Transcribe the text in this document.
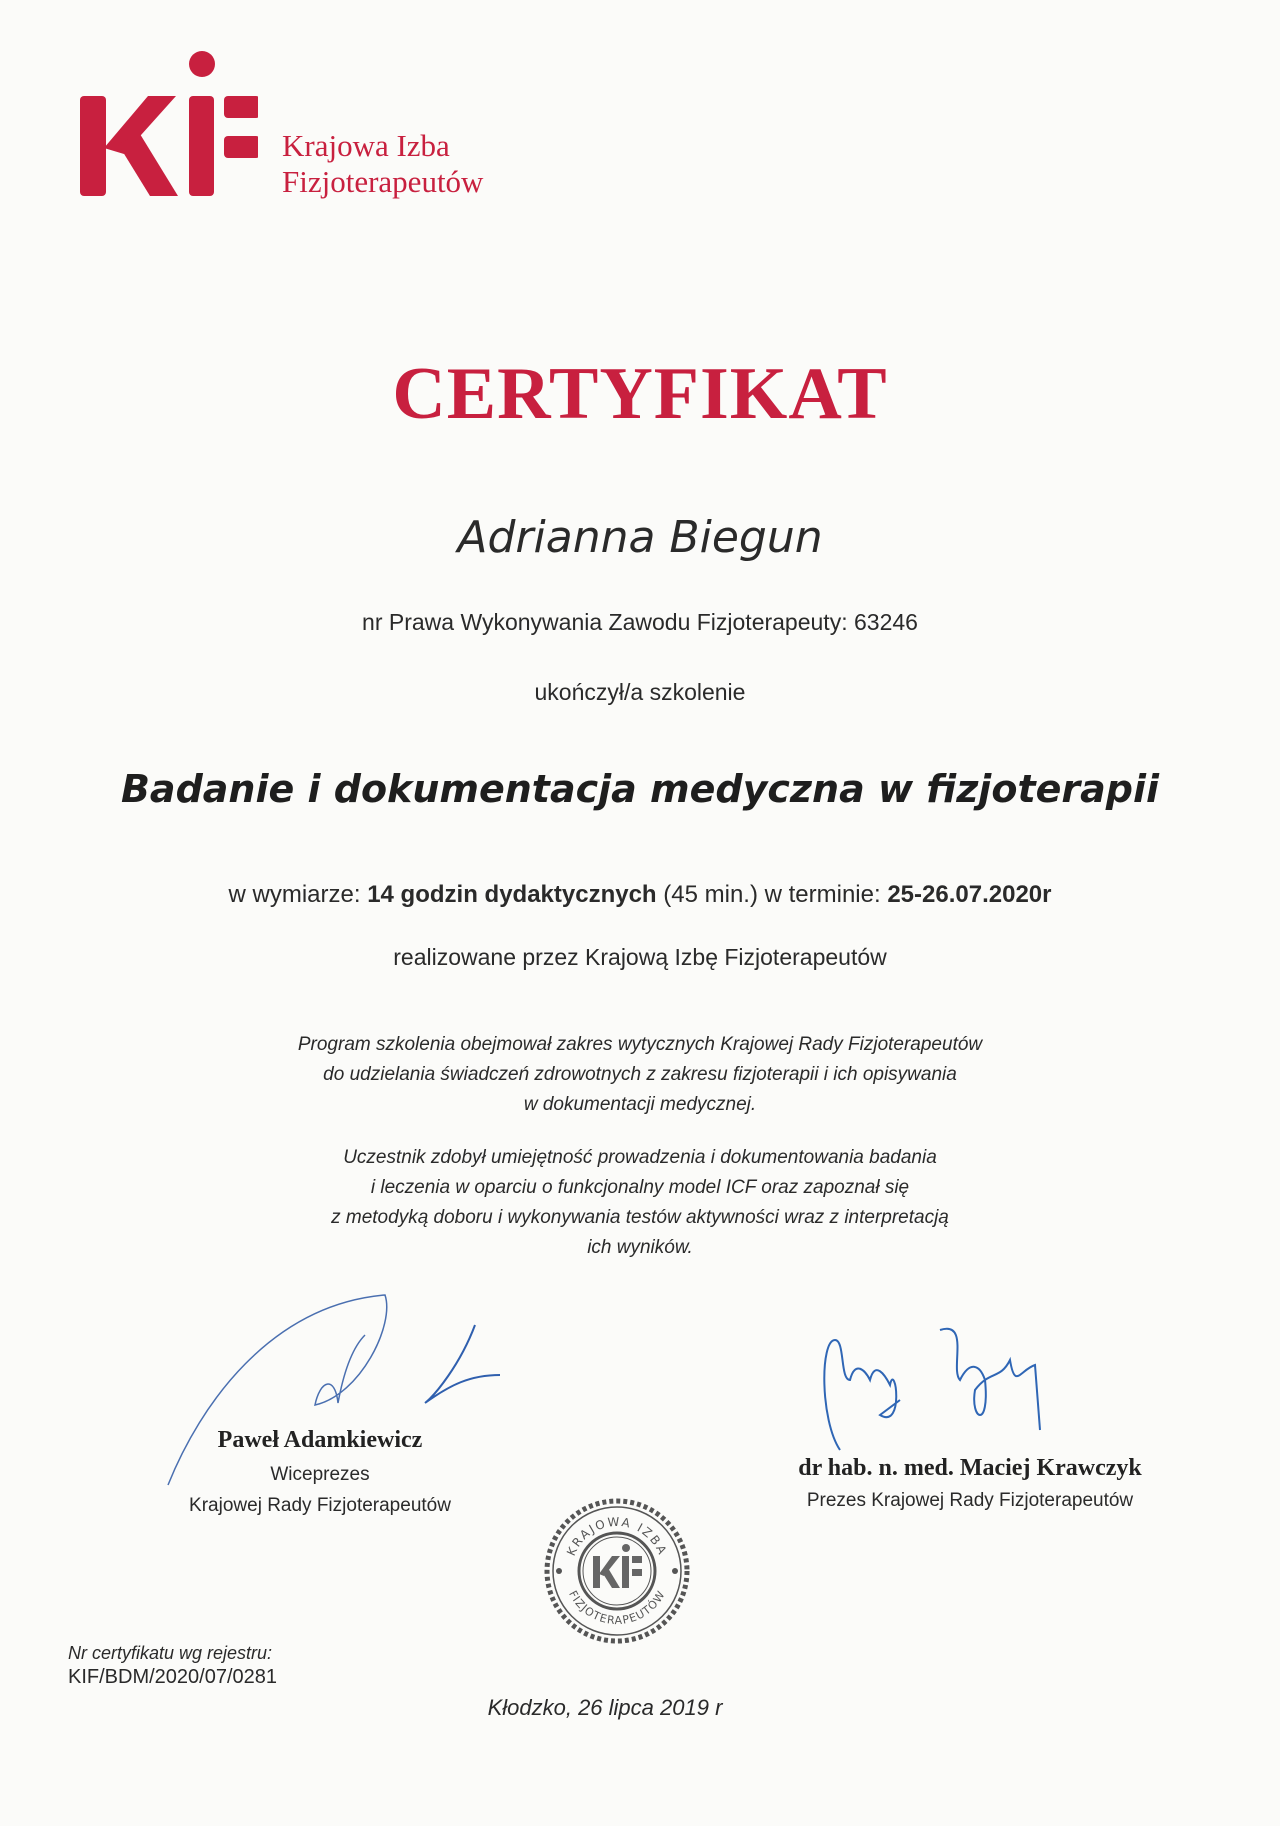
Krajowa Izba
Fizjoterapeutów
CERTYFIKAT
Adrianna Biegun
nr Prawa Wykonywania Zawodu Fizjoterapeuty: 63246
ukończył/a szkolenie
Badanie i dokumentacja medyczna w fizjoterapii
w wymiarze: 14 godzin dydaktycznych (45 min.) w terminie: 25-26.07.2020r
realizowane przez Krajową Izbę Fizjoterapeutów
Program szkolenia obejmował zakres wytycznych Krajowej Rady Fizjoterapeutów
do udzielania świadczeń zdrowotnych z zakresu fizjoterapii i ich opisywania
w dokumentacji medycznej.
Uczestnik zdobył umiejętność prowadzenia i dokumentowania badania
i leczenia w oparciu o funkcjonalny model ICF oraz zapoznał się
z metodyką doboru i wykonywania testów aktywności wraz z interpretacją
ich wyników.
Paweł Adamkiewicz
Wiceprezes
Krajowej Rady Fizjoterapeutów
dr hab. n. med. Maciej Krawczyk
Prezes Krajowej Rady Fizjoterapeutów
KRAJOWA IZBA
FIZJOTERAPEUTÓW
Nr certyfikatu wg rejestru:
KIF/BDM/2020/07/0281
Kłodzko, 26 lipca 2019 r
